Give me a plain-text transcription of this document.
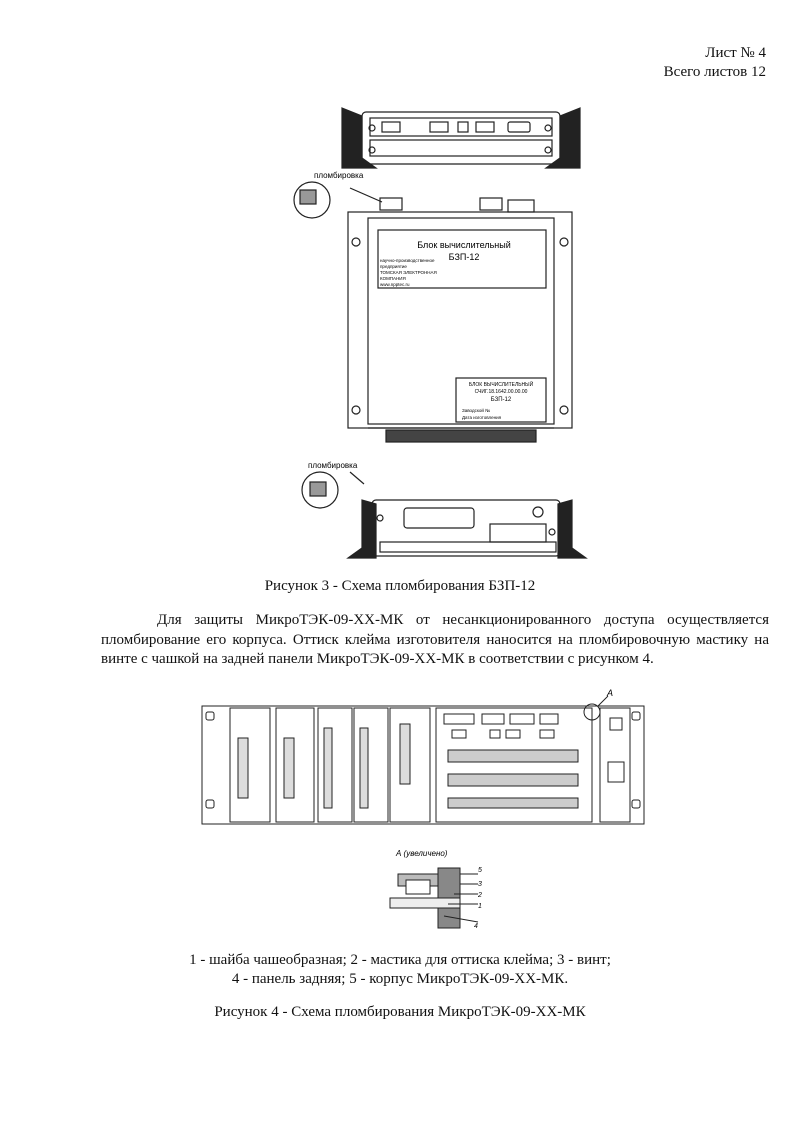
Лист № 4
Всего листов 12
пломбировка
пломбировка
Блок вычислительный
БЗП-12
научно-производственное
предприятие
ТОМСКАЯ ЭЛЕКТРОННАЯ
КОМПАНИЯ
www.npptec.ru
БЛОК ВЫЧИСЛИТЕЛЬНЫЙ
СЧИГ.18.1642.00.00.00
БЗП-12
Заводской №
Дата изготовления
Рисунок 3 - Схема пломбирования БЗП-12
Для защиты МикроТЭК-09-XX-МК от несанкционированного доступа осуществляется пломбирование его корпуса. Оттиск клейма изготовителя наносится на пломбировочную мастику на винте с чашкой на задней панели МикроТЭК-09-XX-МК в соответствии с рисунком 4.
А
А (увеличено)
5
3
2
1
4
1 - шайба чашеобразная; 2 - мастика для оттиска клейма; 3 - винт;
4 - панель задняя; 5 - корпус МикроТЭК-09-XX-МК.
Рисунок 4 - Схема пломбирования МикроТЭК-09-XX-МК
